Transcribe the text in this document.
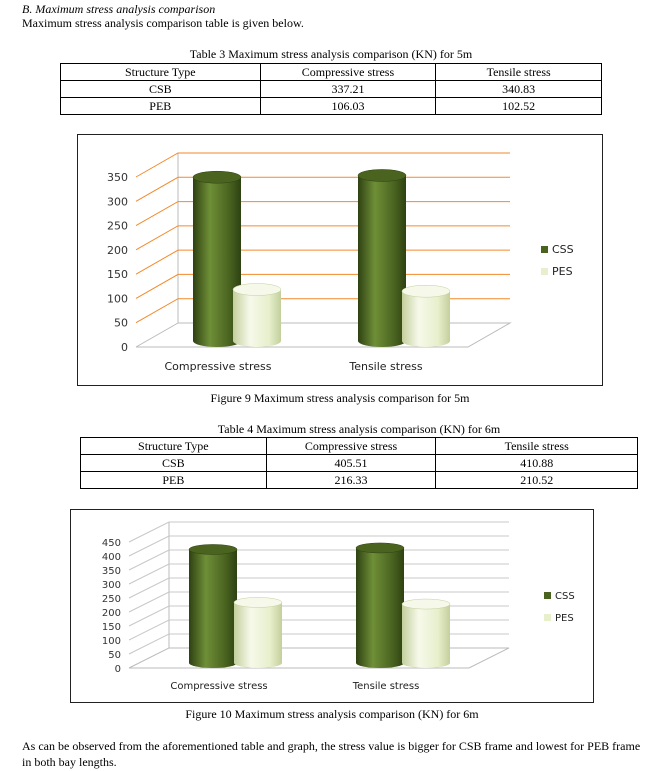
B. Maximum stress analysis comparison
Maximum stress analysis comparison table is given below.
Table 3 Maximum stress analysis comparison (KN) for 5m
Structure Type	Compressive stress	Tensile stress
CSB	337.21	340.83
PEB	106.03	102.52
0
50
100
150
200
250
300
350
Compressive stress	Tensile stress
CSS
PES
Figure 9 Maximum stress analysis comparison for 5m
Table 4 Maximum stress analysis comparison (KN) for 6m
Structure Type	Compressive stress	Tensile stress
CSB	405.51	410.88
PEB	216.33	210.52
0
50
100
150
200
250
300
350
400
450
Compressive stress	Tensile stress
CSS
PES
Figure 10 Maximum stress analysis comparison (KN) for 6m
As can be observed from the aforementioned table and graph, the stress value is bigger for CSB frame and lowest for PEB frame in both bay lengths.
